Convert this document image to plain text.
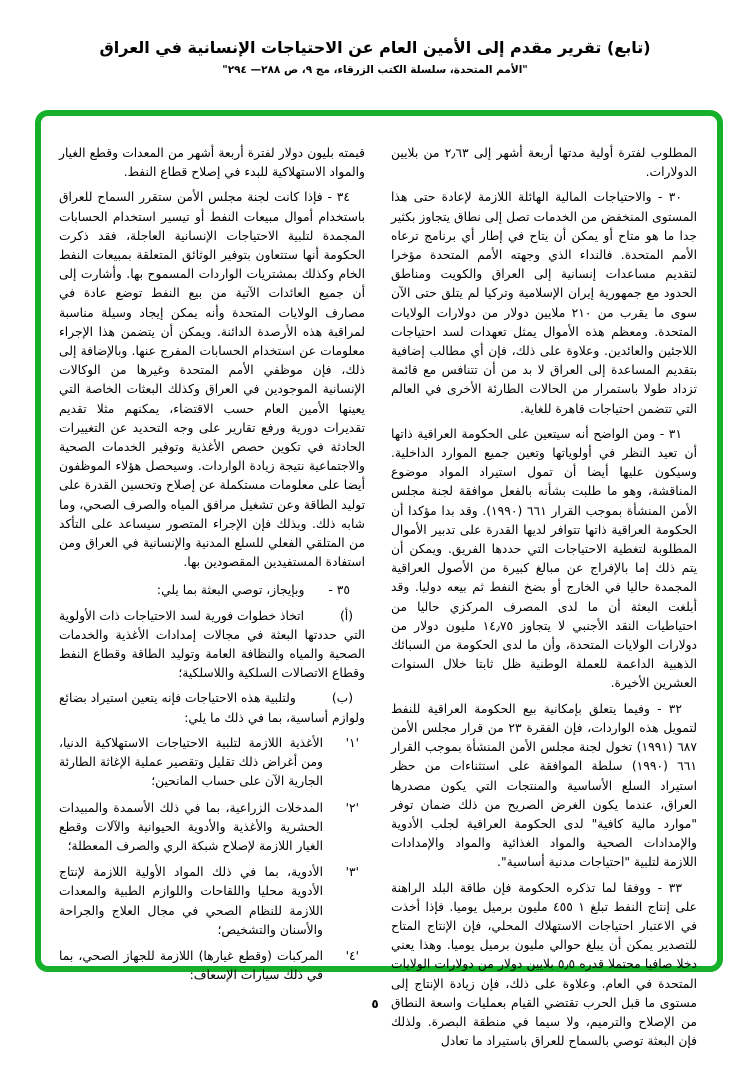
(تابع) تقرير مقدم إلى الأمين العام عن الاحتياجات الإنسانية في العراق
"الأمم المتحدة، سلسلة الكتب الزرقاء، مج ٩، ص ٢٨٨— ٢٩٤"

المطلوب لفترة أولية مدتها أربعة أشهر إلى ٢٫٦٣ من بلايين الدولارات.

٣٠ - والاحتياجات المالية الهائلة اللازمة لإعادة حتى هذا المستوى المنخفض من الخدمات تصل إلى نطاق يتجاوز بكثير جدا ما هو متاح أو يمكن أن يتاح في إطار أي برنامج ترعاه الأمم المتحدة. فالنداء الذي وجهته الأمم المتحدة مؤخرا لتقديم مساعدات إنسانية إلى العراق والكويت ومناطق الحدود مع جمهورية إيران الإسلامية وتركيا لم يتلق حتى الآن سوى ما يقرب من ٢١٠ ملايين دولار من دولارات الولايات المتحدة. ومعظم هذه الأموال يمثل تعهدات لسد احتياجات اللاجئين والعائدين. وعلاوة على ذلك، فإن أي مطالب إضافية بتقديم المساعدة إلى العراق لا بد من أن تتنافس مع قائمة تزداد طولا باستمرار من الحالات الطارئة الأخرى في العالم التي تتضمن احتياجات قاهرة للغاية.

٣١ - ومن الواضح أنه سيتعين على الحكومة العراقية ذاتها أن تعيد النظر في أولوياتها وتعين جميع الموارد الداخلية. وسيكون عليها أيضا أن تمول استيراد المواد موضوع المناقشة، وهو ما طلبت بشأنه بالفعل موافقة لجنة مجلس الأمن المنشأة بموجب القرار ٦٦١ (١٩٩٠). وقد بدا مؤكدا أن الحكومة العراقية ذاتها تتوافر لديها القدرة على تدبير الأموال المطلوبة لتغطية الاحتياجات التي حددها الفريق. ويمكن أن يتم ذلك إما بالإفراج عن مبالغ كبيرة من الأصول العراقية المجمدة حاليا في الخارج أو بضخ النفط ثم بيعه دوليا. وقد أبلغت البعثة أن ما لدى المصرف المركزي حاليا من احتياطيات النقد الأجنبي لا يتجاوز ١٤٫٧٥ مليون دولار من دولارات الولايات المتحدة، وأن ما لدى الحكومة من السبائك الذهبية الداعمة للعملة الوطنية ظل ثابتا خلال السنوات العشرين الأخيرة.

٣٢ - وفيما يتعلق بإمكانية بيع الحكومة العراقية للنفط لتمويل هذه الواردات، فإن الفقرة ٢٣ من قرار مجلس الأمن ٦٨٧ (١٩٩١) تخول لجنة مجلس الأمن المنشأة بموجب القرار ٦٦١ (١٩٩٠) سلطة الموافقة على استثناءات من حظر استيراد السلع الأساسية والمنتجات التي يكون مصدرها العراق، عندما يكون الغرض الصريح من ذلك ضمان توفر "موارد مالية كافية" لدى الحكومة العراقية لجلب الأدوية والإمدادات الصحية والمواد الغذائية والمواد والإمدادات اللازمة لتلبية "احتياجات مدنية أساسية".

٣٣ - ووفقا لما تذكره الحكومة فإن طاقة البلد الراهنة على إنتاج النفط تبلغ ١ ٤٥٥ مليون برميل يوميا. فإذا أخذت في الاعتبار احتياجات الاستهلاك المحلي، فإن الإنتاج المتاح للتصدير يمكن أن يبلغ حوالي مليون برميل يوميا. وهذا يعني دخلا صافيا محتملا قدره ٥٫٥ بلايين دولار من دولارات الولايات المتحدة في العام. وعلاوة على ذلك، فإن زيادة الإنتاج إلى مستوى ما قبل الحرب تقتضي القيام بعمليات واسعة النطاق من الإصلاح والترميم، ولا سيما في منطقة البصرة. ولذلك فإن البعثة توصي بالسماح للعراق باستيراد ما تعادل

قيمته بليون دولار لفترة أربعة أشهر من المعدات وقطع الغيار والمواد الاستهلاكية للبدء في إصلاح قطاع النفط.

٣٤ - فإذا كانت لجنة مجلس الأمن ستقرر السماح للعراق باستخدام أموال مبيعات النفط أو تيسير استخدام الحسابات المجمدة لتلبية الاحتياجات الإنسانية العاجلة، فقد ذكرت الحكومة أنها ستتعاون بتوفير الوثائق المتعلقة بمبيعات النفط الخام وكذلك بمشتريات الواردات المسموح بها. وأشارت إلى أن جميع العائدات الآتية من بيع النفط توضع عادة في مصارف الولايات المتحدة وأنه يمكن إيجاد وسيلة مناسبة لمراقبة هذه الأرصدة الدائنة. ويمكن أن يتضمن هذا الإجراء معلومات عن استخدام الحسابات المفرج عنها. وبالإضافة إلى ذلك، فإن موظفي الأمم المتحدة وغيرها من الوكالات الإنسانية الموجودين في العراق وكذلك البعثات الخاصة التي يعينها الأمين العام حسب الاقتضاء، يمكنهم مثلا تقديم تقديرات دورية ورفع تقارير على وجه التحديد عن التغييرات الحادثة في تكوين حصص الأغذية وتوفير الخدمات الصحية والاجتماعية نتيجة زيادة الواردات. وسيحصل هؤلاء الموظفون أيضا على معلومات مستكملة عن إصلاح وتحسين القدرة على توليد الطاقة وعن تشغيل مرافق المياه والصرف الصحي، وما شابه ذلك. وبذلك فإن الإجراء المتصور سيساعد على التأكد من المتلقي الفعلي للسلع المدنية والإنسانية في العراق ومن استفادة المستفيدين المقصودين بها.

٣٥ -وبإيجاز، توصي البعثة بما يلي:

(أ)اتخاذ خطوات فورية لسد الاحتياجات ذات الأولوية التي حددتها البعثة في مجالات إمدادات الأغذية والخدمات الصحية والمياه والنظافة العامة وتوليد الطاقة وقطاع النفط وقطاع الاتصالات السلكية واللاسلكية؛

(ب)ولتلبية هذه الاحتياجات فإنه يتعين استيراد بضائع ولوازم أساسية، بما في ذلك ما يلي:

'١'
الأغذية اللازمة لتلبية الاحتياجات الاستهلاكية الدنيا، ومن أغراض ذلك تقليل وتقصير عملية الإغاثة الطارئة الجارية الآن على حساب المانحين؛
'٢'
المدخلات الزراعية، بما في ذلك الأسمدة والمبيدات الحشرية والأغذية والأدوية الحيوانية والآلات وقطع الغيار اللازمة لإصلاح شبكة الري والصرف المعطلة؛
'٣'
الأدوية، بما في ذلك المواد الأولية اللازمة لإنتاج الأدوية محليا واللقاحات واللوازم الطبية والمعدات اللازمة للنظام الصحي في مجال العلاج والجراحة والأسنان والتشخيص؛
'٤'
المركبات (وقطع غيارها) اللازمة للجهاز الصحي، بما في ذلك سيارات الإسعاف:
٥
